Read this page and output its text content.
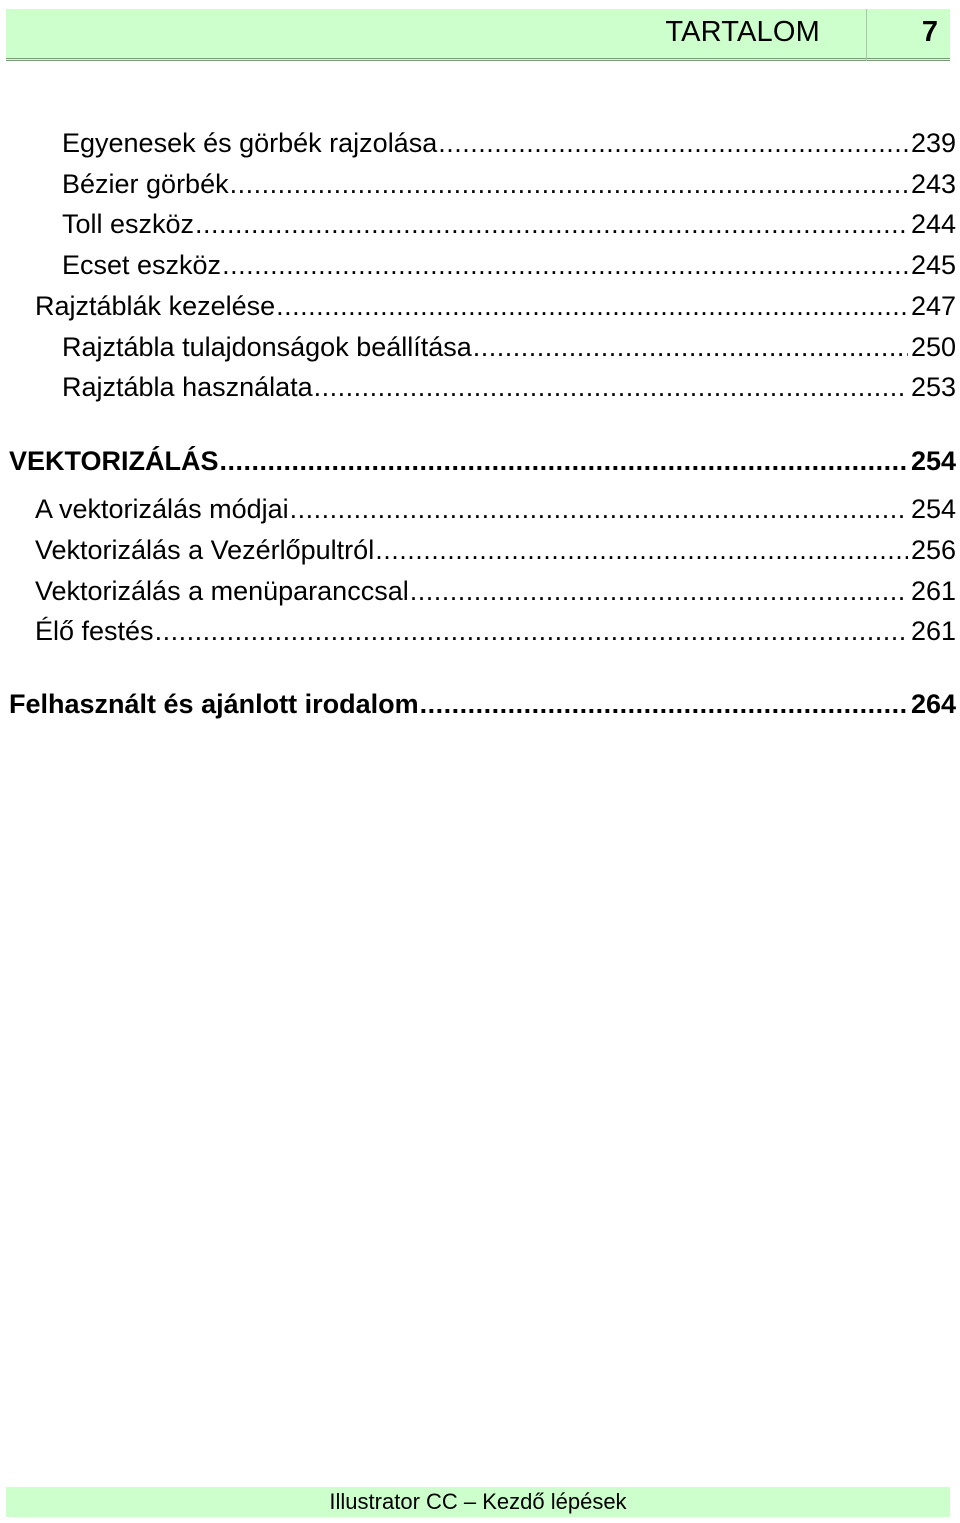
TARTALOM	7
Egyenesek és görbék rajzolása .....	239
Bézier görbék .....	243
Toll eszköz .....	244
Ecset eszköz .....	245
Rajztáblák kezelése .....	247
Rajztábla tulajdonságok beállítása .....	250
Rajztábla használata .....	253
VEKTORIZÁLÁS .....	254
A vektorizálás módjai .....	254
Vektorizálás a Vezérlőpultról .....	256
Vektorizálás a menüparanccsal .....	261
Élő festés .....	261
Felhasznált és ajánlott irodalom .....	264
Illustrator CC – Kezdő lépések
